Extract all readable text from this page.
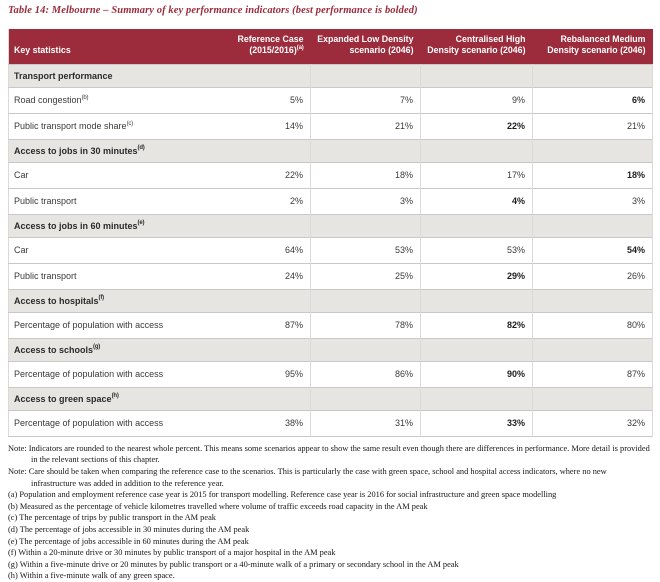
Table 14: Melbourne – Summary of key performance indicators (best performance is bolded)
Key statistics	Reference Case $(2015/2016)^{(a)}$	Expanded Low Density scenario (2046)	Centralised High Density scenario (2046)	Rebalanced Medium Density scenario (2046)
Transport performance				
Road congestion$^{(b)}$	5%	7%	9%	6%
Public transport mode share$^{(c)}$	14%	21%	22%	21%
Access to jobs in 30 minutes$^{(d)}$				
Car	22%	18%	17%	18%
Public transport	2%	3%	4%	3%
Access to jobs in 60 minutes$^{(e)}$				
Car	64%	53%	53%	54%
Public transport	24%	25%	29%	26%
Access to hospitals$^{(f)}$				
Percentage of population with access	87%	78%	82%	80%
Access to schools$^{(g)}$				
Percentage of population with access	95%	86%	90%	87%
Access to green space$^{(h)}$				
Percentage of population with access	38%	31%	33%	32%

Note: Indicators are rounded to the nearest whole percent. This means some scenarios appear to show the same result even though there are differences in performance. More detail is provided in the relevant sections of this chapter.

Note: Care should be taken when comparing the reference case to the scenarios. This is particularly the case with green space, school and hospital access indicators, where no new infrastructure was added in addition to the reference year.

(a) Population and employment reference case year is 2015 for transport modelling. Reference case year is 2016 for social infrastructure and green space modelling

(b) Measured as the percentage of vehicle kilometres travelled where volume of traffic exceeds road capacity in the AM peak

(c) The percentage of trips by public transport in the AM peak

(d) The percentage of jobs accessible in 30 minutes during the AM peak

(e) The percentage of jobs accessible in 60 minutes during the AM peak

(f) Within a 20-minute drive or 30 minutes by public transport of a major hospital in the AM peak

(g) Within a five-minute drive or 20 minutes by public transport or a 40-minute walk of a primary or secondary school in the AM peak

(h) Within a five-minute walk of any green space.
